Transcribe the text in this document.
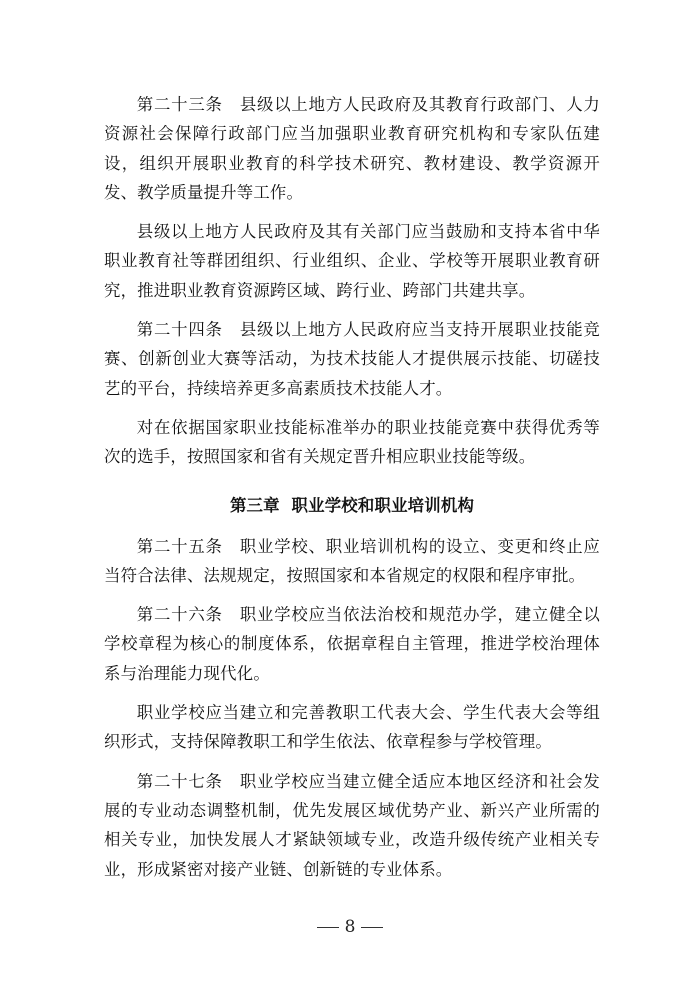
第二十三条　 县级以上地方人民政府及其教育行政部门、人力资源社会保障行政部门应当加强职业教育研究机构和专家队伍建设，组织开展职业教育的科学技术研究、教材建设、教学资源开发、教学质量提升等工作。

县级以上地方人民政府及其有关部门应当鼓励和支持本省中华职业教育社等群团组织、行业组织、企业、学校等开展职业教育研究，推进职业教育资源跨区域、跨行业、跨部门共建共享。

第二十四条　 县级以上地方人民政府应当支持开展职业技能竞赛、创新创业大赛等活动，为技术技能人才提供展示技能、切磋技艺的平台，持续培养更多高素质技术技能人才。

对在依据国家职业技能标准举办的职业技能竞赛中获得优秀等次的选手，按照国家和省有关规定晋升相应职业技能等级。

第三章  职业学校和职业培训机构

第二十五条　 职业学校、职业培训机构的设立、变更和终止应当符合法律、法规规定，按照国家和本省规定的权限和程序审批。

第二十六条　 职业学校应当依法治校和规范办学，建立健全以学校章程为核心的制度体系，依据章程自主管理，推进学校治理体系与治理能力现代化。

职业学校应当建立和完善教职工代表大会、学生代表大会等组织形式，支持保障教职工和学生依法、依章程参与学校管理。

第二十七条　 职业学校应当建立健全适应本地区经济和社会发展的专业动态调整机制，优先发展区域优势产业、新兴产业所需的相关专业，加快发展人才紧缺领域专业，改造升级传统产业相关专业，形成紧密对接产业链、创新链的专业体系。

8
